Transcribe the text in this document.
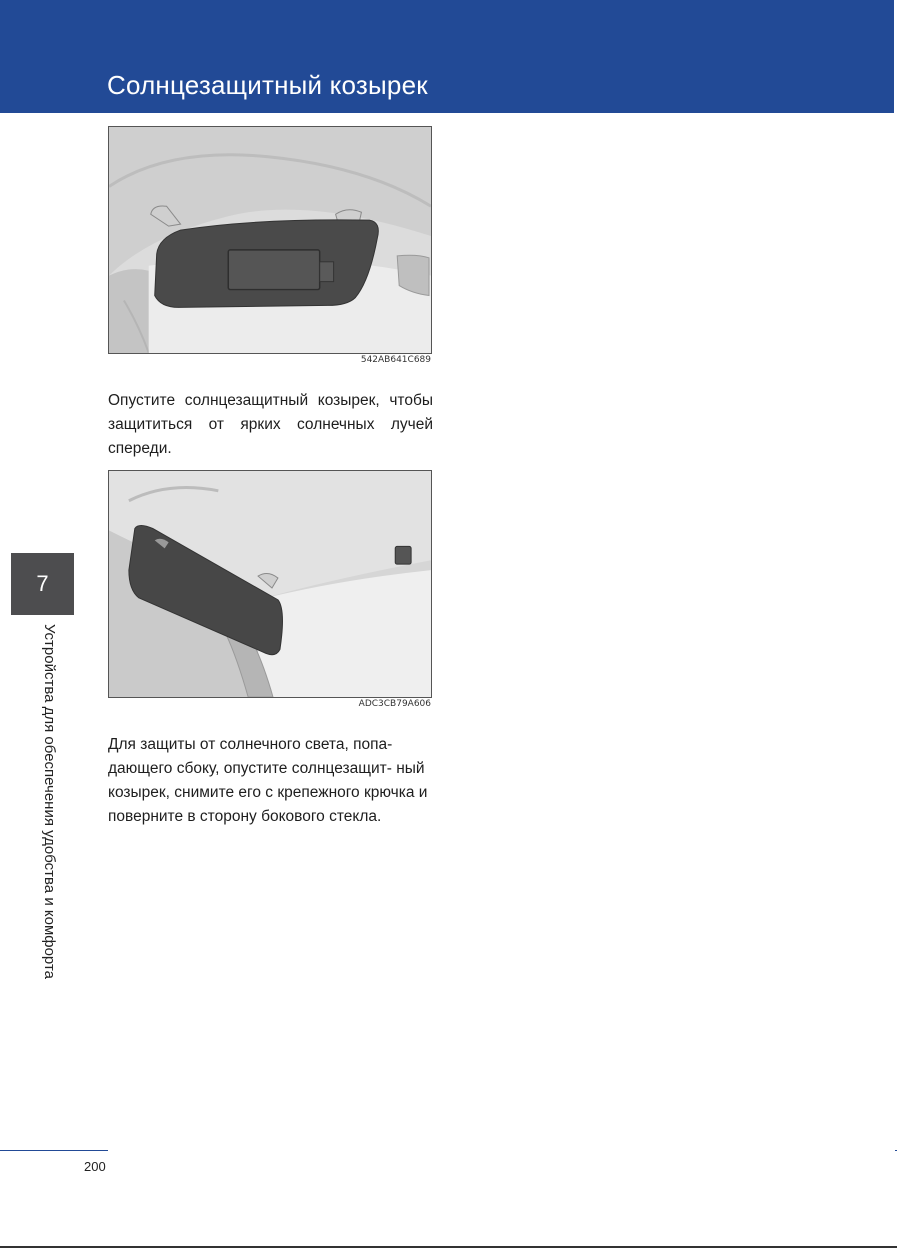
Солнцезащитный козырек
542AB641C689

Опустите солнцезащитный козырек, чтобы защититься от ярких солнечных лучей спереди.

ADC3CB79A606

Для защиты от солнечного света, попа- дающего сбоку, опустите солнцезащит- ный козырек, снимите его с крепежного крючка и поверните в сторону бокового стекла.

7

Устройства для обеспечения удобства и комфорта

200
